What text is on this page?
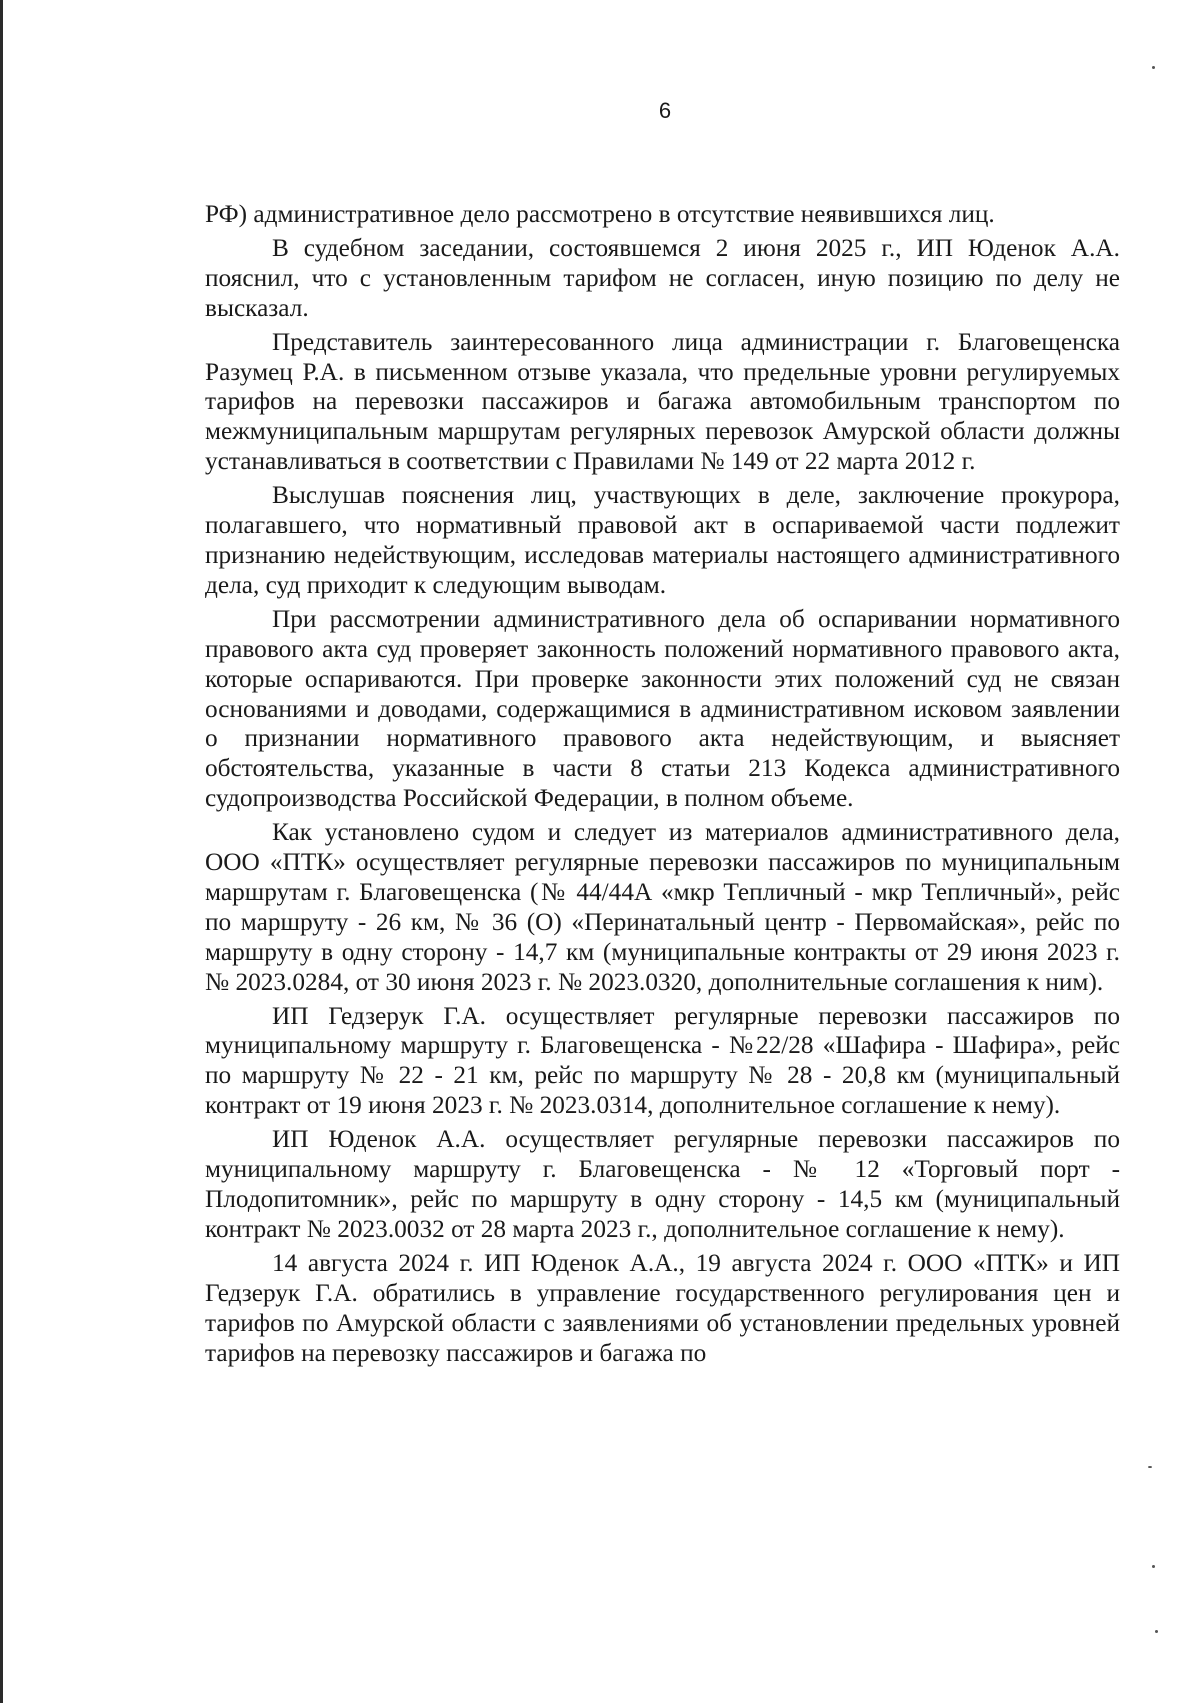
6

РФ) административное дело рассмотрено в отсутствие неявившихся лиц.

В судебном заседании, состоявшемся 2 июня 2025 г., ИП Юденок А.А. пояснил, что с установленным тарифом не согласен, иную позицию по делу не высказал.

Представитель заинтересованного лица администрации г. Благовещенска Разумец Р.А. в письменном отзыве указала, что предельные уровни регулируемых тарифов на перевозки пассажиров и багажа автомобильным транспортом по межмуниципальным маршрутам регулярных перевозок Амурской области должны устанавливаться в соответствии с Правилами № 149 от 22 марта 2012 г.

Выслушав пояснения лиц, участвующих в деле, заключение прокурора, полагавшего, что нормативный правовой акт в оспариваемой части подлежит признанию недействующим, исследовав материалы настоящего административного дела, суд приходит к следующим выводам.

При рассмотрении административного дела об оспаривании нормативного правового акта суд проверяет законность положений нормативного правового акта, которые оспариваются. При проверке законности этих положений суд не связан основаниями и доводами, содержащимися в административном исковом заявлении о признании нормативного правового акта недействующим, и выясняет обстоятельства, указанные в части 8 статьи 213 Кодекса административного судопроизводства Российской Федерации, в полном объеме.

Как установлено судом и следует из материалов административного дела, ООО «ПТК» осуществляет регулярные перевозки пассажиров по муниципальным маршрутам г. Благовещенска (№ 44/44А «мкр Тепличный - мкр Тепличный», рейс по маршруту - 26 км, № 36 (О) «Перинатальный центр - Первомайская», рейс по маршруту в одну сторону - 14,7 км (муниципальные контракты от 29 июня 2023 г. № 2023.0284, от 30 июня 2023 г. № 2023.0320, дополнительные соглашения к ним).

ИП Гедзерук Г.А. осуществляет регулярные перевозки пассажиров по муниципальному маршруту г. Благовещенска - №22/28 «Шафира - Шафира», рейс по маршруту № 22 - 21 км, рейс по маршруту № 28 - 20,8 км (муниципальный контракт от 19 июня 2023 г. № 2023.0314, дополнительное соглашение к нему).

ИП Юденок А.А. осуществляет регулярные перевозки пассажиров по муниципальному маршруту г. Благовещенска - № 12 «Торговый порт - Плодопитомник», рейс по маршруту в одну сторону - 14,5 км (муниципальный контракт № 2023.0032 от 28 марта 2023 г., дополнительное соглашение к нему).

14 августа 2024 г. ИП Юденок А.А., 19 августа 2024 г. ООО «ПТК» и ИП Гедзерук Г.А. обратились в управление государственного регулирования цен и тарифов по Амурской области с заявлениями об установлении предельных уровней тарифов на перевозку пассажиров и багажа по
